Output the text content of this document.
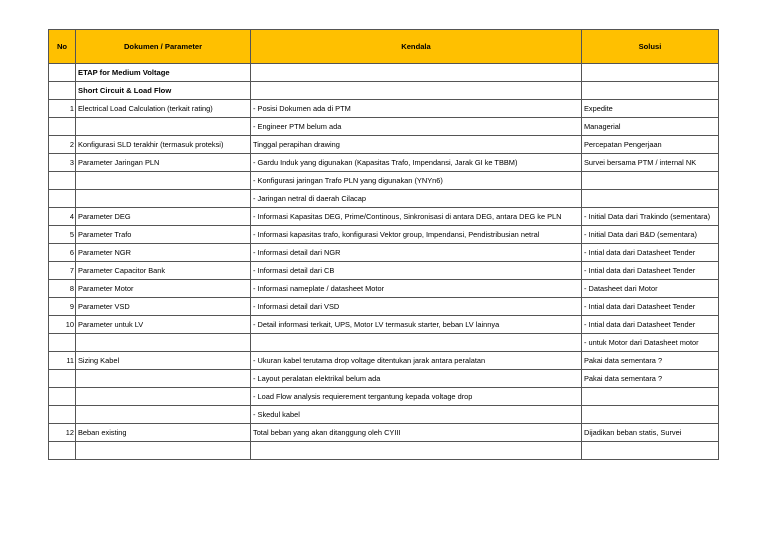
No	Dokumen / Parameter	Kendala	Solusi
	ETAP for Medium Voltage		
	Short Circuit & Load Flow		
1	Electrical Load Calculation (terkait rating)	- Posisi Dokumen ada di PTM	Expedite
		- Engineer PTM belum ada	Managerial
2	Konfigurasi SLD terakhir (termasuk proteksi)	Tinggal perapihan drawing	Percepatan Pengerjaan
3	Parameter Jaringan PLN	- Gardu Induk yang digunakan (Kapasitas Trafo, Impendansi, Jarak GI ke TBBM)	Survei bersama PTM / internal NK
		- Konfigurasi jaringan Trafo PLN yang digunakan (YNYn6)	
		- Jaringan netral di daerah Cilacap	
4	Parameter DEG	- Informasi Kapasitas DEG, Prime/Continous, Sinkronisasi di antara DEG, antara DEG ke PLN	- Initial Data dari Trakindo (sementara)
5	Parameter Trafo	- Informasi kapasitas trafo, konfigurasi Vektor group, Impendansi, Pendistribusian netral	- Initial Data dari B&D (sementara)
6	Parameter NGR	- Informasi detail dari NGR	- Intial data dari Datasheet Tender
7	Parameter Capacitor Bank	- Informasi detail dari CB	- Intial data dari Datasheet Tender
8	Parameter Motor	- Informasi nameplate / datasheet Motor	- Datasheet dari Motor
9	Parameter VSD	- Informasi detail dari VSD	- Intial data dari Datasheet Tender
10	Parameter untuk LV	- Detail informasi terkait, UPS, Motor LV termasuk starter, beban LV lainnya	- Intial data dari Datasheet Tender
			- untuk Motor dari Datasheet motor
11	Sizing Kabel	- Ukuran kabel terutama drop voltage ditentukan jarak antara peralatan	Pakai data sementara ?
		- Layout peralatan elektrikal belum ada	Pakai data sementara ?
		- Load Flow analysis requierement tergantung kepada voltage drop	
		- Skedul kabel	
12	Beban existing	Total beban yang akan ditanggung oleh CYIII	Dijadikan beban statis, Survei
